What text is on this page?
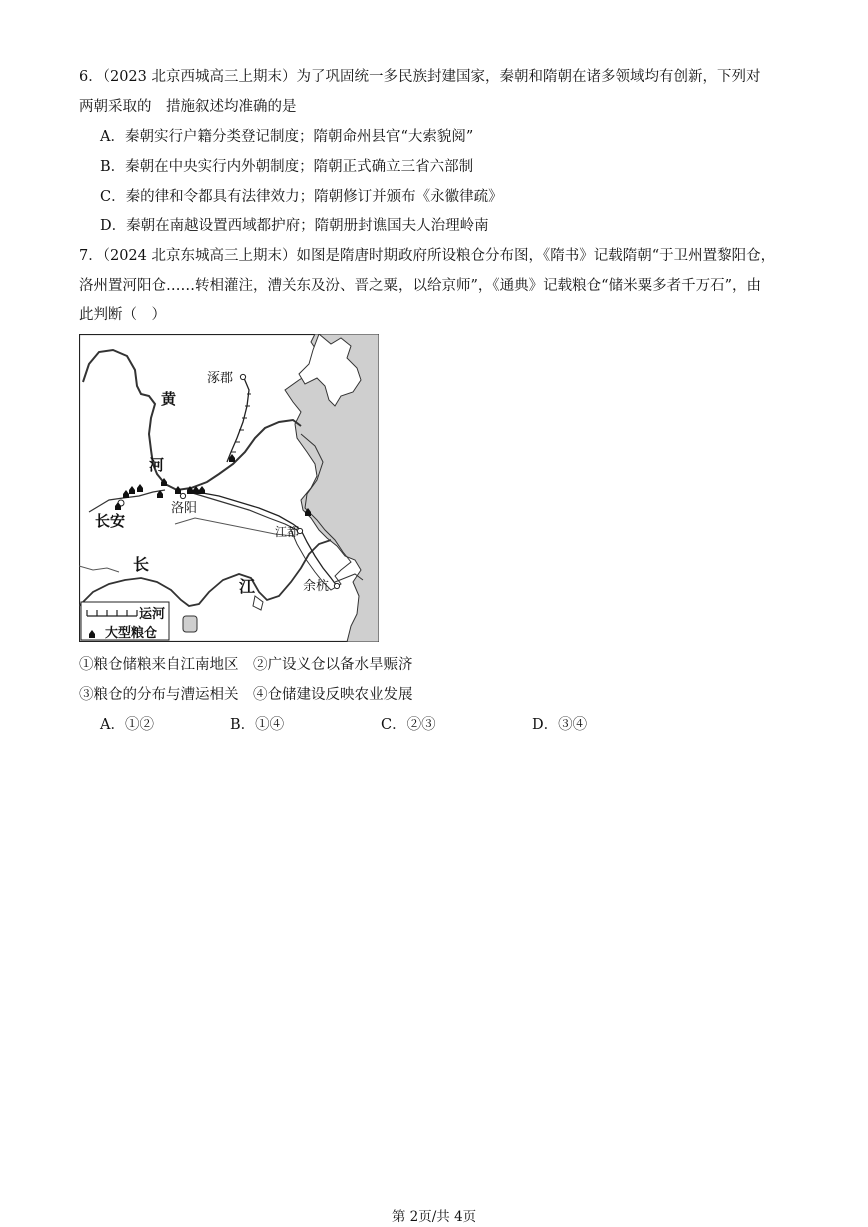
6．（2023 北京西城高三上期末）为了巩固统一多民族封建国家，秦朝和隋朝在诸多领域均有创新，下列对
两朝采取的　措施叙述均准确的是
A．秦朝实行户籍分类登记制度；隋朝命州县官“大索貌阅”
B．秦朝在中央实行内外朝制度；隋朝正式确立三省六部制
C．秦的律和令都具有法律效力；隋朝修订并颁布《永徽律疏》
D．秦朝在南越设置西域都护府；隋朝册封谯国夫人治理岭南
7．（2024 北京东城高三上期末）如图是隋唐时期政府所设粮仓分布图，《隋书》记载隋朝“于卫州置黎阳仓，
洛州置河阳仓……转相灌注，漕关东及汾、晋之粟，以给京师”，《通典》记载粮仓“储米粟多者千万石”，由
此判断（　）
涿郡
黄
河
长安
洛阳
江都
余杭
长
江
运河
大型粮仓
①粮仓储粮来自江南地区　②广设义仓以备水旱赈济
③粮仓的分布与漕运相关　④仓储建设反映农业发展
A．①②	B．①④	C．②③	D．③④
第 2页/共 4页
